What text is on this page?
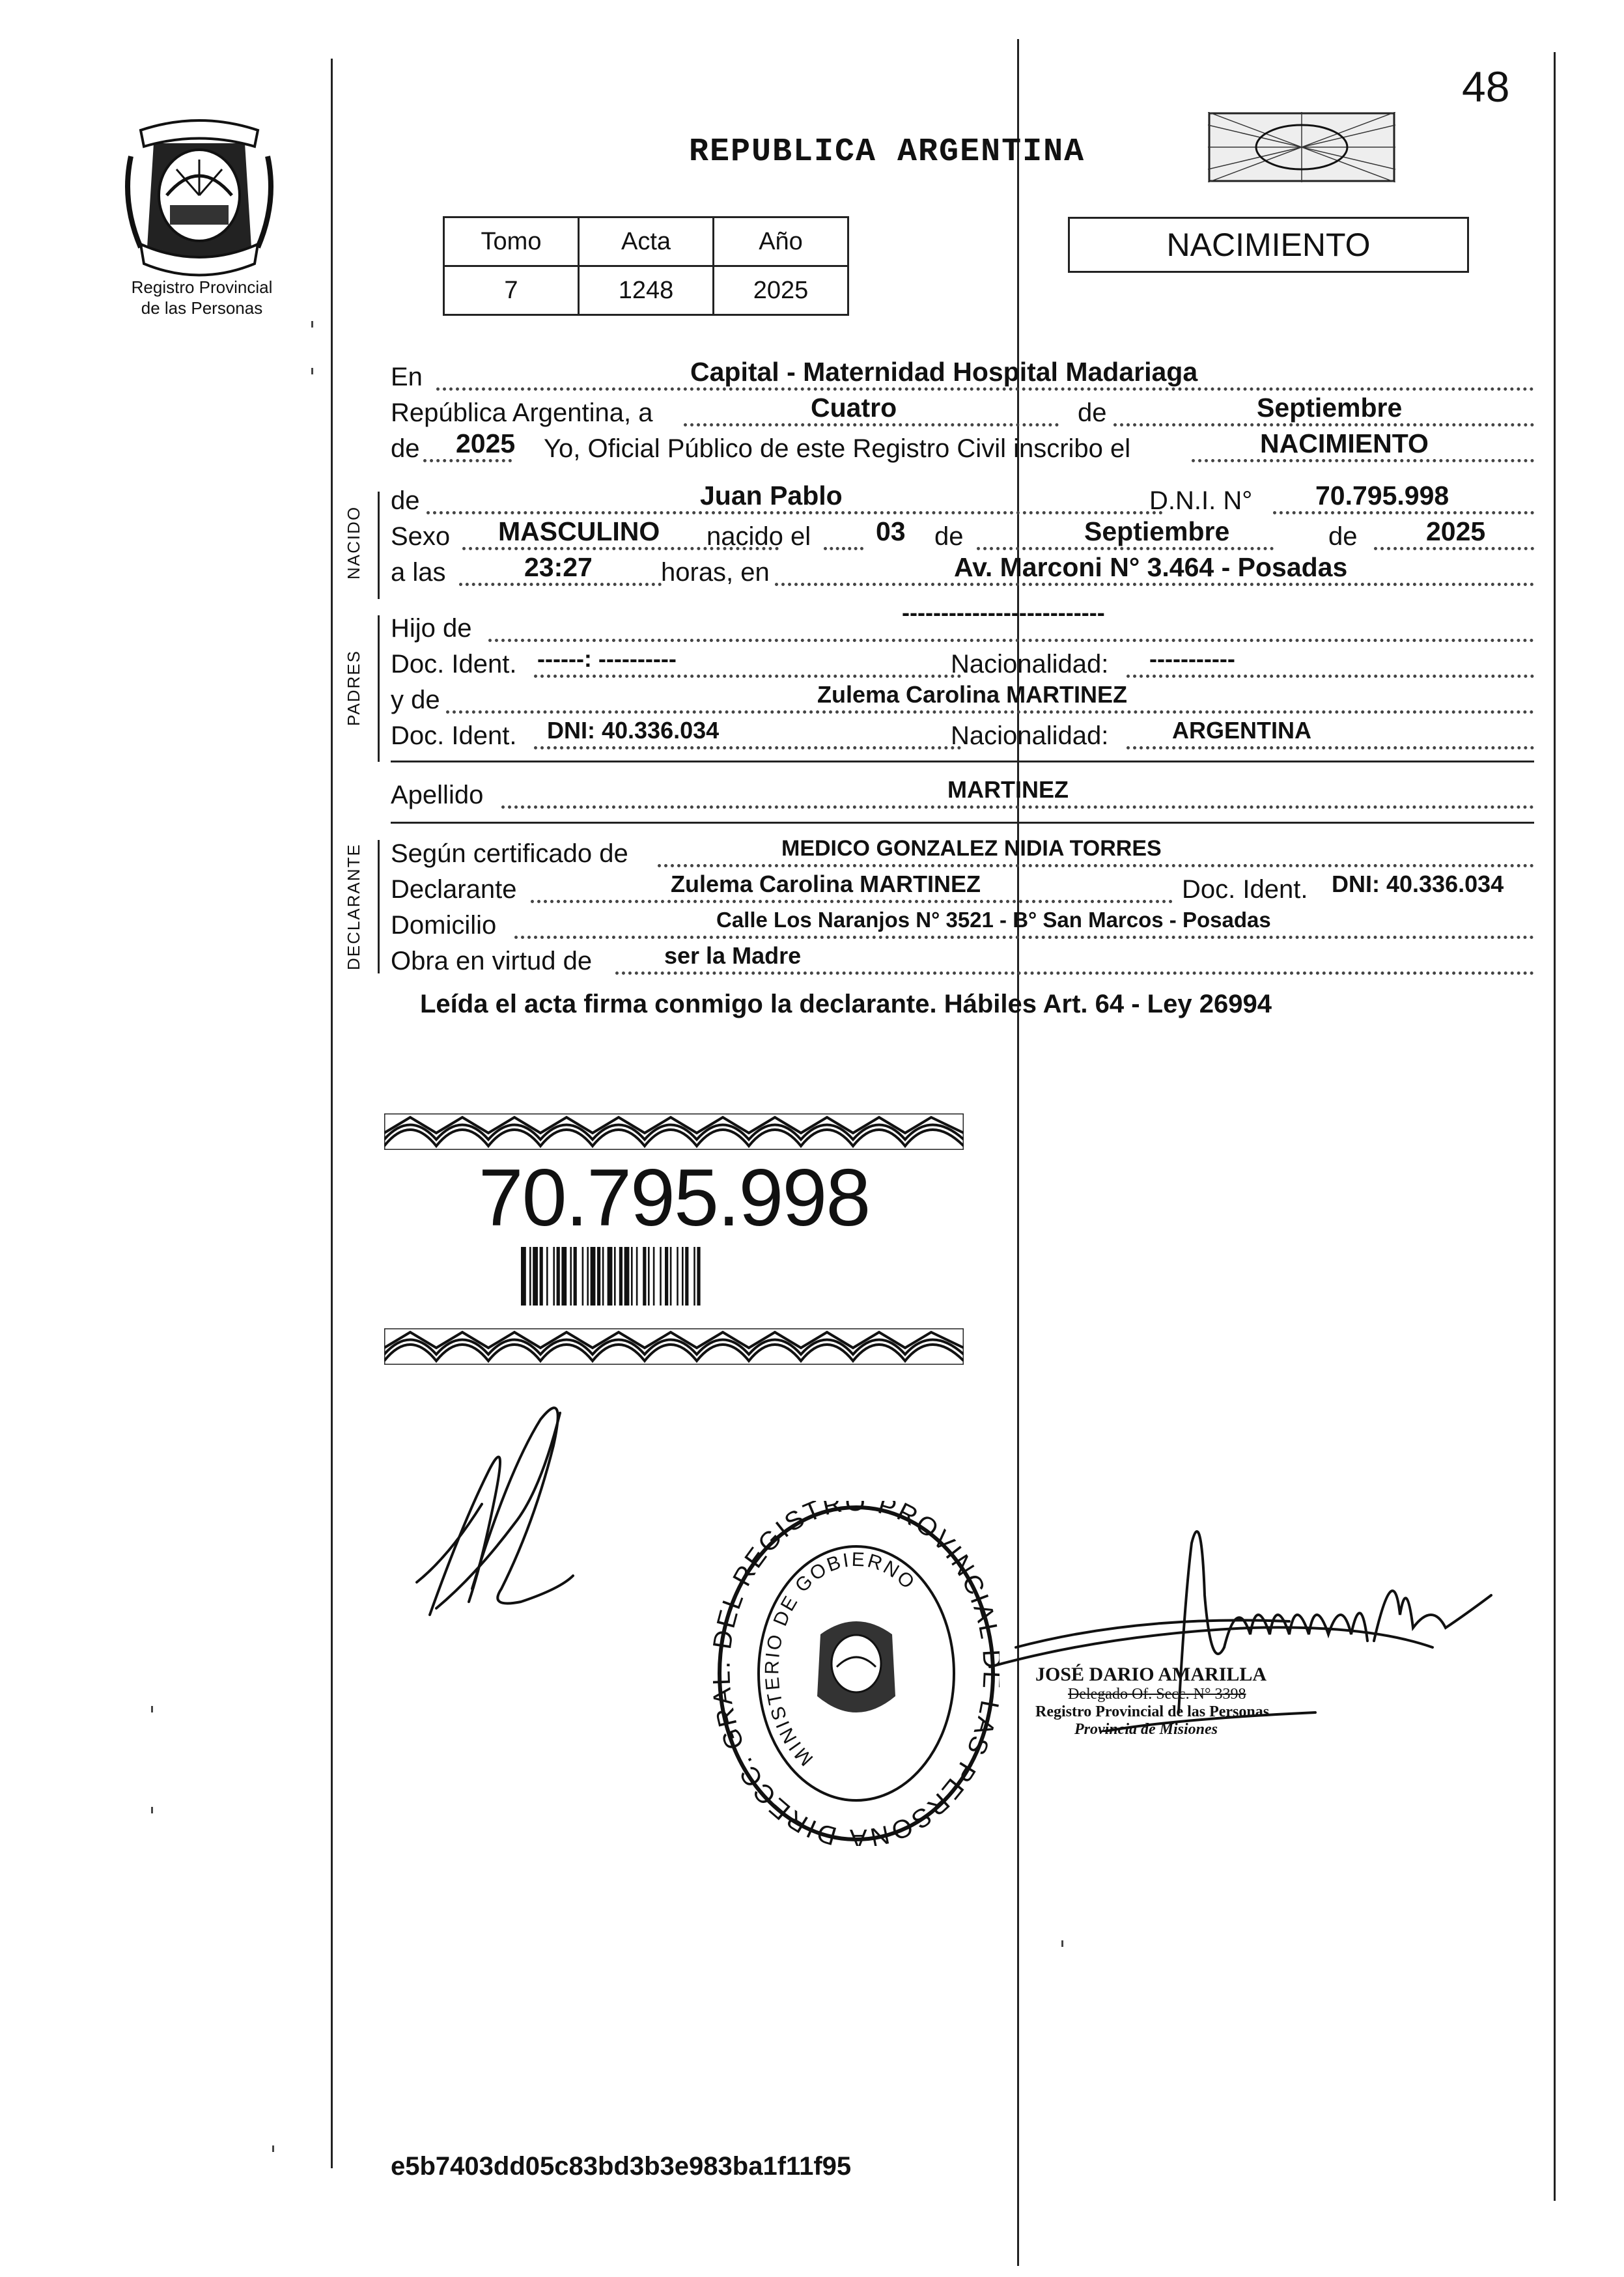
48
Registro Provincial
de las Personas
REPUBLICA ARGENTINA
Tomo	Acta	Año
7	1248	2025
NACIMIENTO
En	Capital - Maternidad Hospital Madariaga
República Argentina, a	Cuatro	de	Septiembre
de 2025 Yo, Oficial Público de este Registro Civil inscribo el	NACIMIENTO
NACIDO
de	Juan Pablo	D.N.I. N° 70.795.998
Sexo MASCULINO nacido el 03 de	Septiembre	de	2025
a las	23:27	horas, en	Av. Marconi N° 3.464 - Posadas
PADRES
Hijo de
--------------------------
Doc. Ident. ------: ----------	Nacionalidad: -----------
y de	Zulema Carolina MARTINEZ
Doc. Ident. DNI: 40.336.034	Nacionalidad:	ARGENTINA
Apellido	MARTINEZ
DECLARANTE Según certificado de	MEDICO GONZALEZ NIDIA TORRES
Declarante	Zulema Carolina MARTINEZ	Doc. Ident. DNI: 40.336.034
Domicilio	Calle Los Naranjos N° 3521 - B° San Marcos - Posadas
Obra en virtud de	ser la Madre
Leída el acta firma conmigo la declarante. Hábiles Art. 64 - Ley 26994
70.795.998

DIRECC. GR EL REGISTRO PROVINCIA AS PERSONA
MINISTERIO DE GOBIERNO
JOSÉ DARIO AMARILLA
Delegado Of. Secc. N° 3398
Registro Provincial de las Personas
Provincia de Misiones
e5b7403dd05c83bd3b3e983ba1f11f95
